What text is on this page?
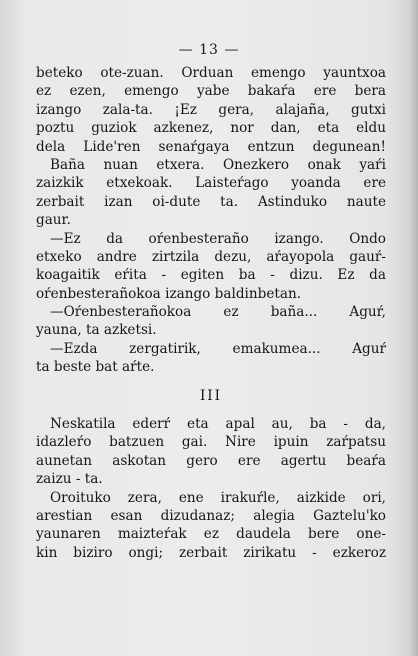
— 13 —
beteko ote-zuan. Orduan emengo yauntxoa
ez ezen, emengo yabe bakaŕa ere bera
izango zala-ta. ¡Ez gera, alajaña, gutxi
poztu guziok azkenez, nor dan, eta eldu
dela Lide'ren senaŕgaya entzun degunean!
Baña nuan etxera. Onezkero onak yaŕi
zaizkik etxekoak. Laisteŕago yoanda ere
zerbait izan oi-dute ta. Astinduko naute
gaur.
—Ez da oŕenbesteraño izango. Ondo
etxeko andre zirtzila dezu, aŕayopola gauŕ-
koagaitik eŕita - egiten ba - dizu. Ez da
oŕenbesterañokoa izango baldinbetan.
—Oŕenbesterañokoa ez baña... Aguŕ,
yauna, ta azketsi.
—Ezda zergatirik, emakumea... Aguŕ
ta beste bat aŕte.
III
Neskatila ederŕ eta apal au, ba - da,
idazleŕo batzuen gai. Nire ipuin zaŕpatsu
aunetan askotan gero ere agertu beaŕa
zaizu - ta.
Oroituko zera, ene irakuŕle, aizkide ori,
arestian esan dizudanaz; alegia Gaztelu'ko
yaunaren maizteŕak ez daudela bere one-
kin biziro ongi; zerbait zirikatu - ezkeroz
